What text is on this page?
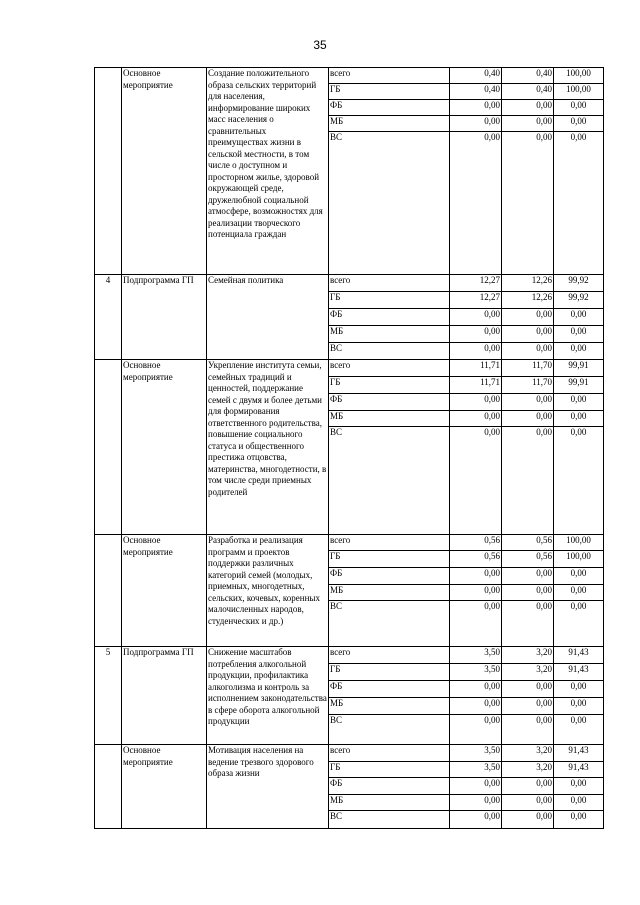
35
	Основное мероприятие	Создание положительного образа сельских территорий для населения, информирование широких масс населения о сравнительных преимуществах жизни в сельской местности, в том числе о доступном и просторном жилье, здоровой окружающей среде, дружелюбной социальной атмосфере, возможностях для реализации творческого потенциала граждан	всего	0,40	0,40	100,00
			ГБ	0,40	0,40	100,00
			ФБ	0,00	0,00	0,00
			МБ	0,00	0,00	0,00
			ВС	0,00	0,00	0,00
4	Подпрограмма ГП	Семейная политика	всего	12,27	12,26	99,92
			ГБ	12,27	12,26	99,92
			ФБ	0,00	0,00	0,00
			МБ	0,00	0,00	0,00
			ВС	0,00	0,00	0,00
	Основное мероприятие	Укрепление института семьи, семейных традиций и ценностей, поддержание семей с двумя и более детьми для формирования ответственного родительства, повышение социального статуса и общественного престижа отцовства, материнства, многодетности, в том числе среди приемных родителей	всего	11,71	11,70	99,91
			ГБ	11,71	11,70	99,91
			ФБ	0,00	0,00	0,00
			МБ	0,00	0,00	0,00
			ВС	0,00	0,00	0,00
	Основное мероприятие	Разработка и реализация программ и проектов поддержки различных категорий семей (молодых, приемных, многодетных, сельских, кочевых, коренных малочисленных народов, студенческих и др.)	всего	0,56	0,56	100,00
			ГБ	0,56	0,56	100,00
			ФБ	0,00	0,00	0,00
			МБ	0,00	0,00	0,00
			ВС	0,00	0,00	0,00
5	Подпрограмма ГП	Снижение масштабов потребления алкогольной продукции, профилактика алкоголизма и контроль за исполнением законодательства в сфере оборота алкогольной продукции	всего	3,50	3,20	91,43
			ГБ	3,50	3,20	91,43
			ФБ	0,00	0,00	0,00
			МБ	0,00	0,00	0,00
			ВС	0,00	0,00	0,00
	Основное мероприятие	Мотивация населения на ведение трезвого здорового образа жизни	всего	3,50	3,20	91,43
			ГБ	3,50	3,20	91,43
			ФБ	0,00	0,00	0,00
			МБ	0,00	0,00	0,00
			ВС	0,00	0,00	0,00
